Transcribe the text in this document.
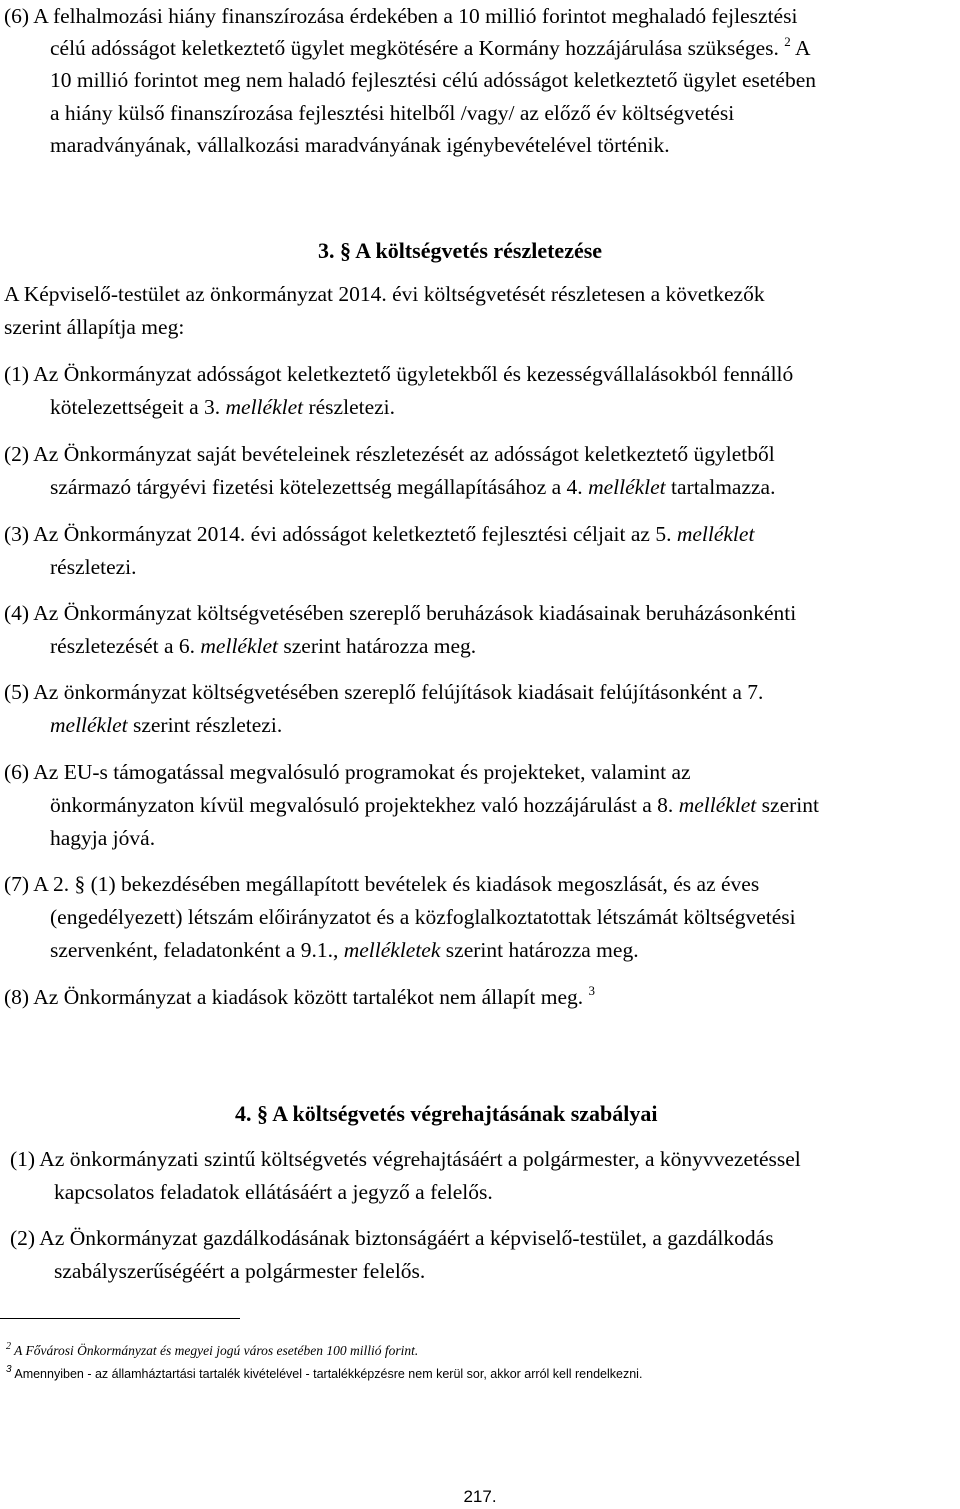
(6) A felhalmozási hiány finanszírozása érdekében a 10 millió forintot meghaladó fejlesztési
célú adósságot keletkeztető ügylet megkötésére a Kormány hozzájárulása szükséges. $^2$ A
10 millió forintot meg nem haladó fejlesztési célú adósságot keletkeztető ügylet esetében
a hiány külső finanszírozása fejlesztési hitelből /vagy/ az előző év költségvetési
maradványának, vállalkozási maradványának igénybevételével történik.
3. § A költségvetés részletezése
A Képviselő-testület az önkormányzat 2014. évi költségvetését részletesen a következők
szerint állapítja meg:
(1) Az Önkormányzat adósságot keletkeztető ügyletekből és kezességvállalásokból fennálló
kötelezettségeit a 3. melléklet részletezi.
(2) Az Önkormányzat saját bevételeinek részletezését az adósságot keletkeztető ügyletből
származó tárgyévi fizetési kötelezettség megállapításához a 4. melléklet tartalmazza.
(3) Az Önkormányzat 2014. évi adósságot keletkeztető fejlesztési céljait az 5. melléklet
részletezi.
(4) Az Önkormányzat költségvetésében szereplő beruházások kiadásainak beruházásonkénti
részletezését a 6. melléklet szerint határozza meg.
(5) Az önkormányzat költségvetésében szereplő felújítások kiadásait felújításonként a 7.
melléklet szerint részletezi.
(6) Az EU-s támogatással megvalósuló programokat és projekteket, valamint az
önkormányzaton kívül megvalósuló projektekhez való hozzájárulást a 8. melléklet szerint
hagyja jóvá.
(7) A 2. § (1) bekezdésében megállapított bevételek és kiadások megoszlását, és az éves
(engedélyezett) létszám előirányzatot és a közfoglalkoztatottak létszámát költségvetési
szervenként, feladatonként a 9.1., mellékletek szerint határozza meg.
(8) Az Önkormányzat a kiadások között tartalékot nem állapít meg. $^3$
4. § A költségvetés végrehajtásának szabályai
(1) Az önkormányzati szintű költségvetés végrehajtásáért a polgármester, a könyvvezetéssel
kapcsolatos feladatok ellátásáért a jegyző a felelős.
(2) Az Önkormányzat gazdálkodásának biztonságáért a képviselő-testület, a gazdálkodás
szabályszerűségéért a polgármester felelős.
$^2$ A Fővárosi Önkormányzat és megyei jogú város esetében 100 millió forint.
$^3$ Amennyiben - az államháztartási tartalék kivételével - tartalékképzésre nem kerül sor, akkor arról kell rendelkezni.
217.
